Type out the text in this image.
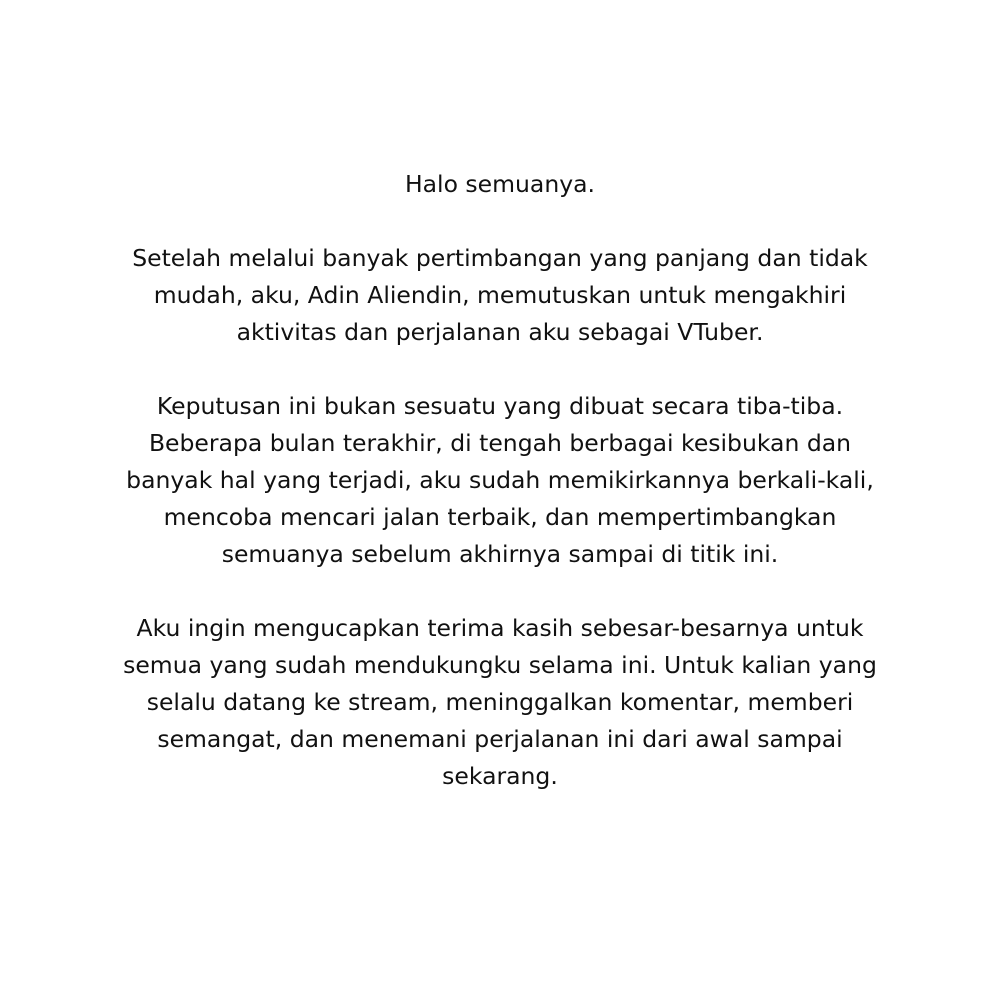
Halo semuanya.

Setelah melalui banyak pertimbangan yang panjang dan tidak
mudah, aku, Adin Aliendin, memutuskan untuk mengakhiri
aktivitas dan perjalanan aku sebagai VTuber.

Keputusan ini bukan sesuatu yang dibuat secara tiba-tiba.
Beberapa bulan terakhir, di tengah berbagai kesibukan dan
banyak hal yang terjadi, aku sudah memikirkannya berkali-kali,
mencoba mencari jalan terbaik, dan mempertimbangkan
semuanya sebelum akhirnya sampai di titik ini.

Aku ingin mengucapkan terima kasih sebesar-besarnya untuk
semua yang sudah mendukungku selama ini. Untuk kalian yang
selalu datang ke stream, meninggalkan komentar, memberi
semangat, dan menemani perjalanan ini dari awal sampai
sekarang.
